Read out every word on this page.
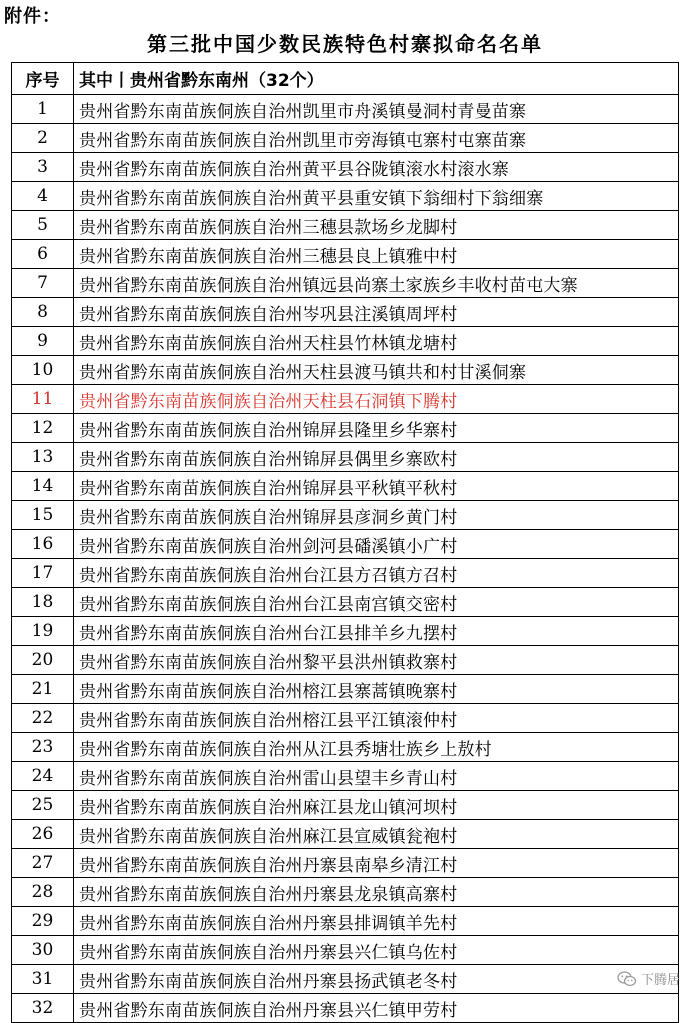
附件：
第三批中国少数民族特色村寨拟命名名单
序号	其中丨贵州省黔东南州（32个）
1	贵州省黔东南苗族侗族自治州凯里市舟溪镇曼洞村青曼苗寨
2	贵州省黔东南苗族侗族自治州凯里市旁海镇屯寨村屯寨苗寨
3	贵州省黔东南苗族侗族自治州黄平县谷陇镇滚水村滚水寨
4	贵州省黔东南苗族侗族自治州黄平县重安镇下翁细村下翁细寨
5	贵州省黔东南苗族侗族自治州三穗县款场乡龙脚村
6	贵州省黔东南苗族侗族自治州三穗县良上镇雅中村
7	贵州省黔东南苗族侗族自治州镇远县尚寨土家族乡丰收村苗屯大寨
8	贵州省黔东南苗族侗族自治州岑巩县注溪镇周坪村
9	贵州省黔东南苗族侗族自治州天柱县竹林镇龙塘村
10	贵州省黔东南苗族侗族自治州天柱县渡马镇共和村甘溪侗寨
11	贵州省黔东南苗族侗族自治州天柱县石洞镇下腾村
12	贵州省黔东南苗族侗族自治州锦屏县隆里乡华寨村
13	贵州省黔东南苗族侗族自治州锦屏县偶里乡寨欧村
14	贵州省黔东南苗族侗族自治州锦屏县平秋镇平秋村
15	贵州省黔东南苗族侗族自治州锦屏县彦洞乡黄门村
16	贵州省黔东南苗族侗族自治州剑河县磻溪镇小广村
17	贵州省黔东南苗族侗族自治州台江县方召镇方召村
18	贵州省黔东南苗族侗族自治州台江县南宫镇交密村
19	贵州省黔东南苗族侗族自治州台江县排羊乡九摆村
20	贵州省黔东南苗族侗族自治州黎平县洪州镇救寨村
21	贵州省黔东南苗族侗族自治州榕江县寨蒿镇晚寨村
22	贵州省黔东南苗族侗族自治州榕江县平江镇滚仲村
23	贵州省黔东南苗族侗族自治州从江县秀塘壮族乡上敖村
24	贵州省黔东南苗族侗族自治州雷山县望丰乡青山村
25	贵州省黔东南苗族侗族自治州麻江县龙山镇河坝村
26	贵州省黔东南苗族侗族自治州麻江县宣威镇瓮袍村
27	贵州省黔东南苗族侗族自治州丹寨县南皋乡清江村
28	贵州省黔东南苗族侗族自治州丹寨县龙泉镇高寨村
29	贵州省黔东南苗族侗族自治州丹寨县排调镇羊先村
30	贵州省黔东南苗族侗族自治州丹寨县兴仁镇乌佐村
31	贵州省黔东南苗族侗族自治州丹寨县扬武镇老冬村
32	贵州省黔东南苗族侗族自治州丹寨县兴仁镇甲劳村
下腾居
